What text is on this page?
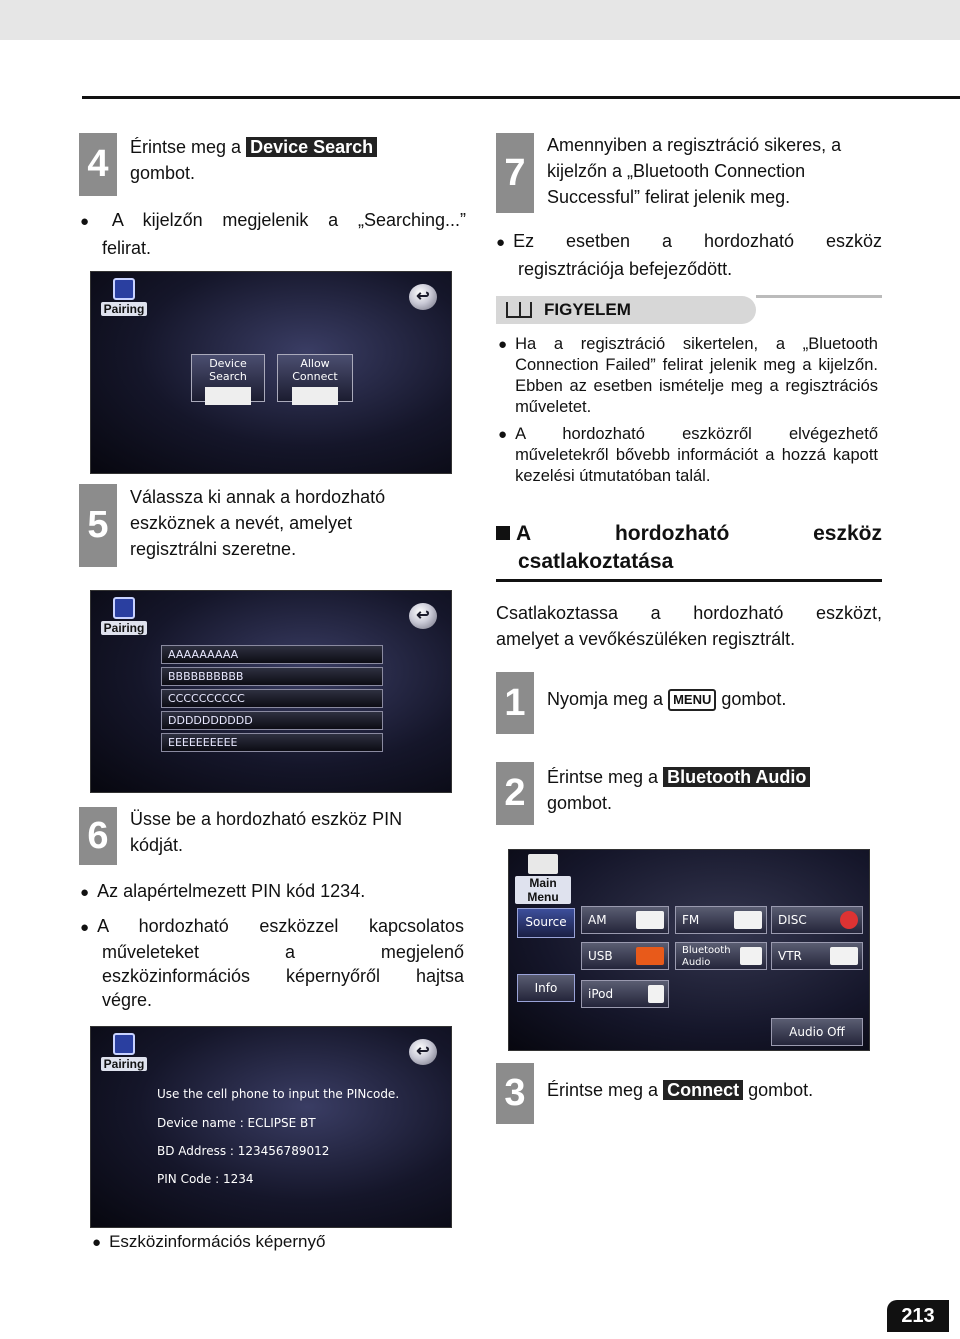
4	Érintse meg a Device Search
gombot.
● A kijelzőn megjelenik a „Searching...”
felirat.
Pairing
↩
Device Search
Allow Connect
5
Válassza ki annak a hordozható eszköznek a nevét, amelyet regisztrálni szeretne.
Pairing
↩
AAAAAAAAA
BBBBBBBBBB
CCCCCCCCCC
DDDDDDDDDD
EEEEEEEEEE
6	Üsse be a hordozható eszköz PIN kódját.
● Az alapértelmezett PIN kód 1234.
●
A hordozható eszközzel kapcsolatos
műveleteket a megjelenő
eszközinformációs képernyőről hajtsa
végre.
Pairing
↩
Use the cell phone to input the PINcode.
Device name : ECLIPSE BT
BD Address : 123456789012
PIN Code : 1234
● Eszközinformációs képernyő
7
Amennyiben a regisztráció sikeres, a kijelzőn a „Bluetooth Connection Successful” felirat jelenik meg.
●
Ez esetben a hordozható eszköz
regisztrációja befejeződött.
FIGYELEM
●
Ha a regisztráció sikertelen, a „Bluetooth Connection Failed” felirat jelenik meg a kijelzőn. Ebben az esetben ismételje meg a regisztrációs műveletet.
●
A hordozható eszközről elvégezhető műveletekről bővebb információt a hozzá kapott kezelési útmutatóban talál.
A	hordozható	eszköz
csatlakoztatása
Csatlakoztassa a hordozható eszközt,
amelyet a vevőkészüléken regisztrált.
1	Nyomja meg a MENU gombot.
2	Érintse meg a Bluetooth Audio
gombot.
Main Menu
Source
Info
AM	FM	DISC
USB	Bluetooth Audio	VTR
iPod
Audio Off
3	Érintse meg a Connect gombot.
213
